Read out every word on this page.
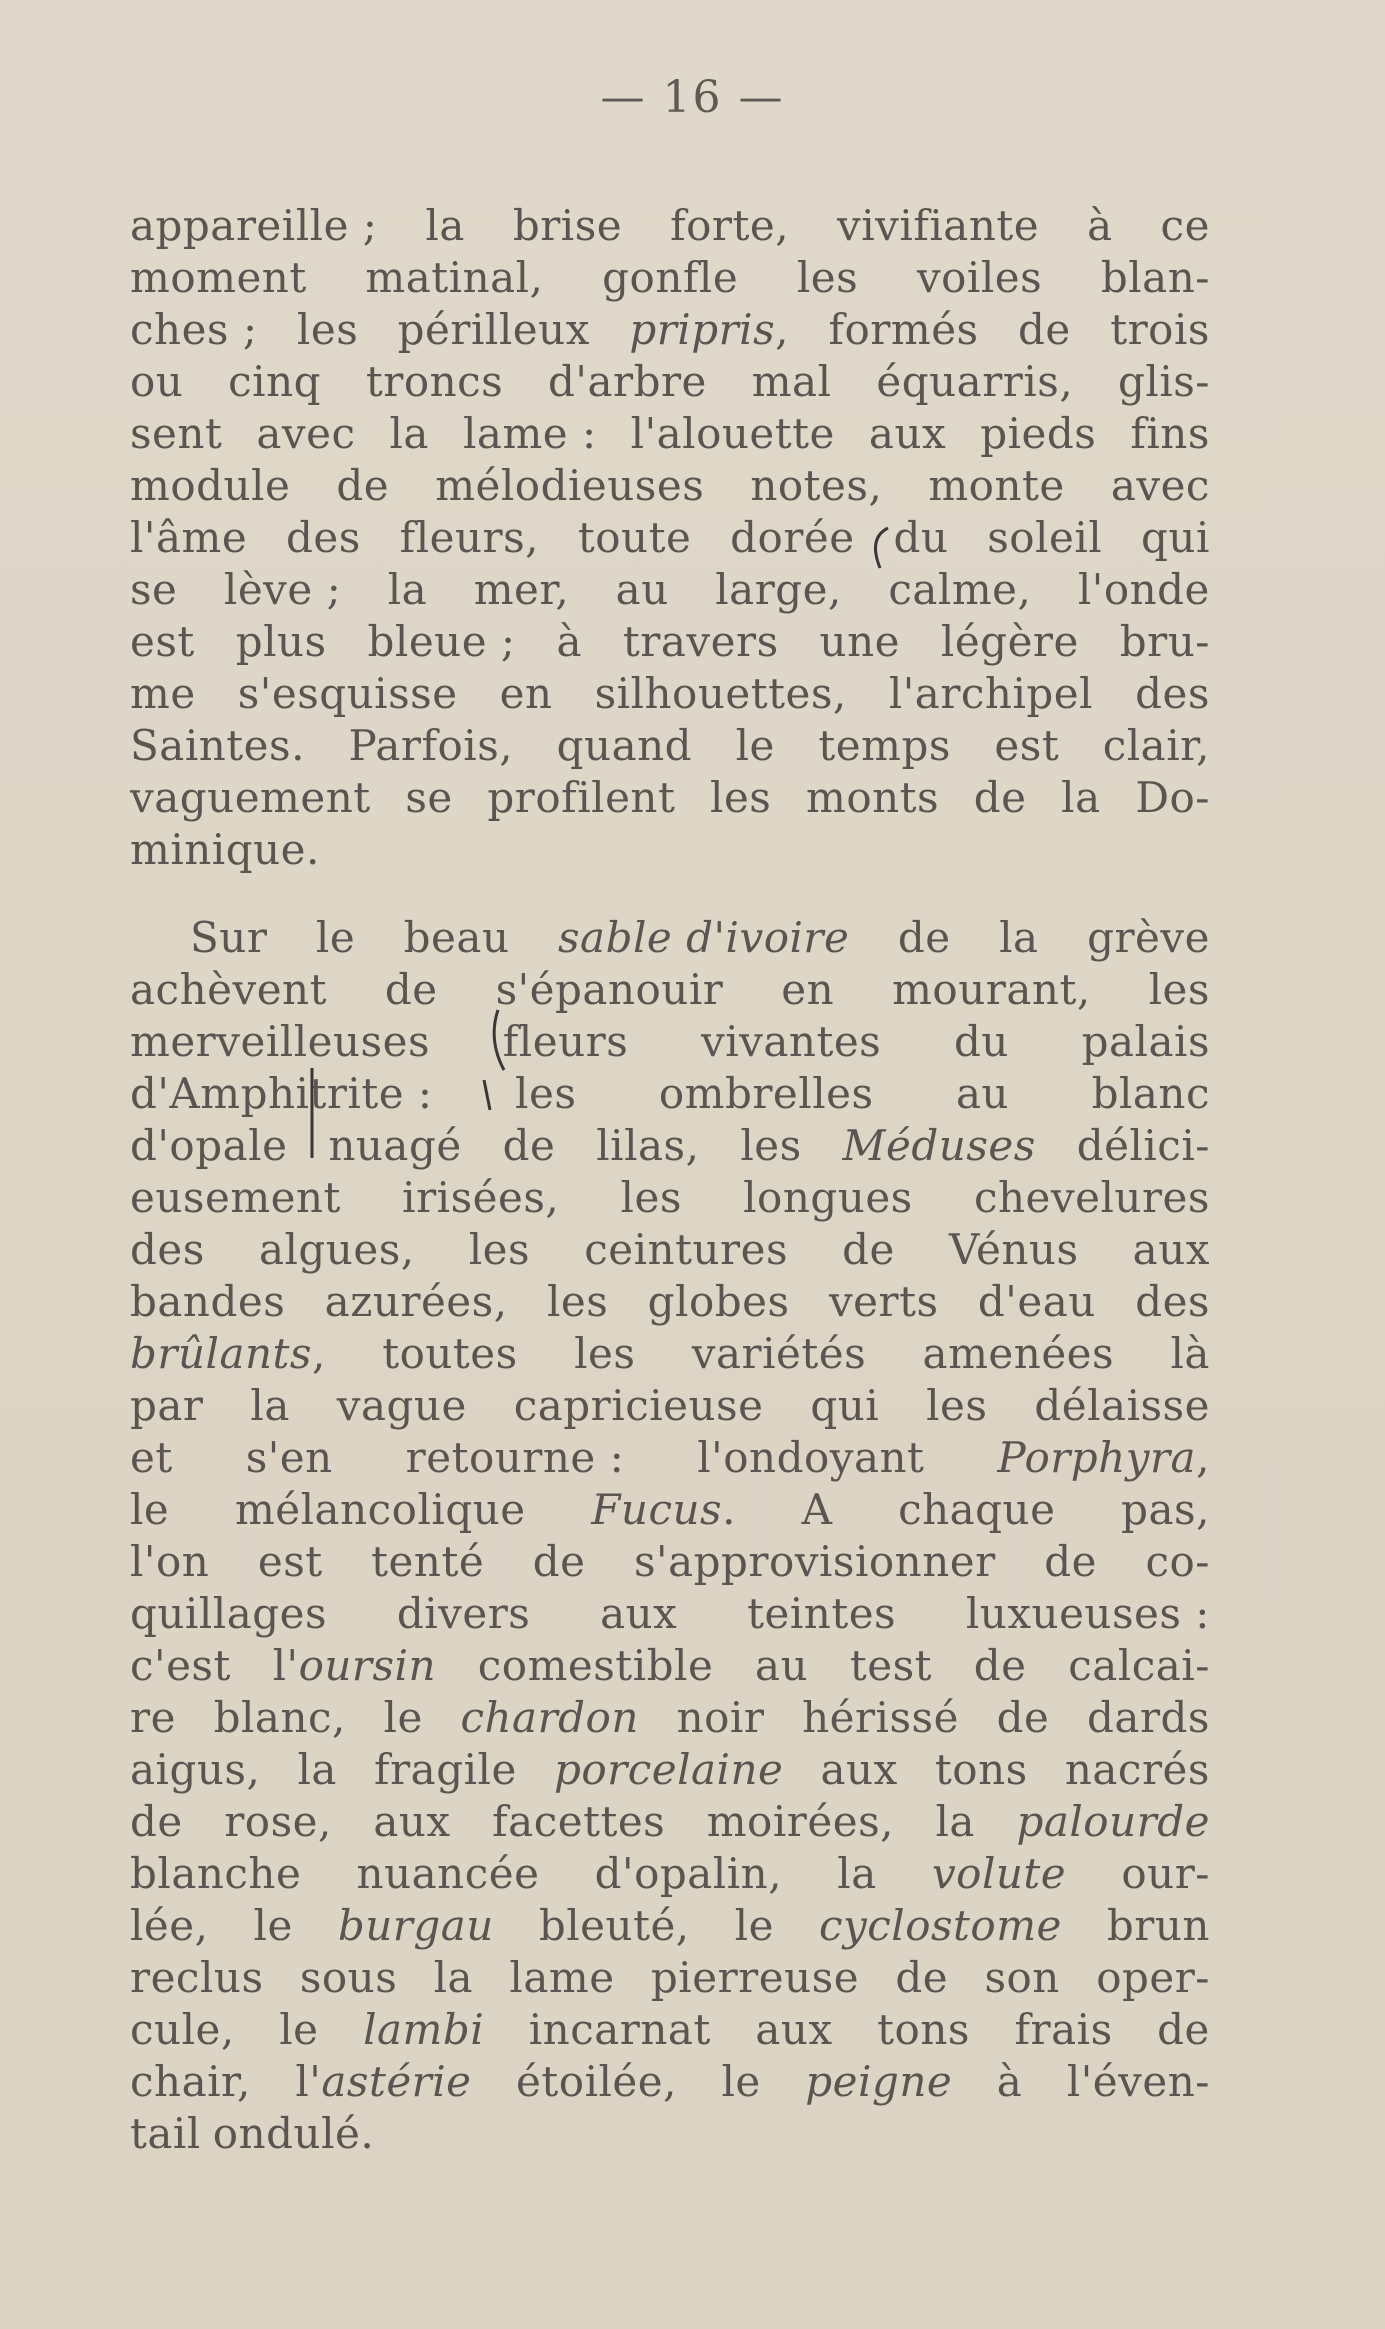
— 16 —
appareille ; la brise forte, vivifiante à ce
moment matinal, gonfle les voiles blan-
ches ; les périlleux pripris, formés de trois
ou cinq troncs d'arbre mal équarris, glis-
sent avec la lame : l'alouette aux pieds fins
module de mélodieuses notes, monte avec
l'âme des fleurs, toute dorée du soleil qui
se lève ; la mer, au large, calme, l'onde
est plus bleue ; à travers une légère bru-
me s'esquisse en silhouettes, l'archipel des
Saintes. Parfois, quand le temps est clair,
vaguement se profilent les monts de la Do-
minique.
Sur le beau sable d'ivoire de la grève
achèvent de s'épanouir en mourant, les
merveilleuses fleurs vivantes du palais
d'Amphitrite : les ombrelles au blanc
d'opale nuagé de lilas, les Méduses délici-
eusement irisées, les longues chevelures
des algues, les ceintures de Vénus aux
bandes azurées, les globes verts d'eau des
brûlants, toutes les variétés amenées là
par la vague capricieuse qui les délaisse
et s'en retourne : l'ondoyant Porphyra,
le mélancolique Fucus. A chaque pas,
l'on est tenté de s'approvisionner de co-
quillages divers aux teintes luxueuses :
c'est l'oursin comestible au test de calcai-
re blanc, le chardon noir hérissé de dards
aigus, la fragile porcelaine aux tons nacrés
de rose, aux facettes moirées, la palourde
blanche nuancée d'opalin, la volute our-
lée, le burgau bleuté, le cyclostome brun
reclus sous la lame pierreuse de son oper-
cule, le lambi incarnat aux tons frais de
chair, l'astérie étoilée, le peigne à l'éven-
tail ondulé.
